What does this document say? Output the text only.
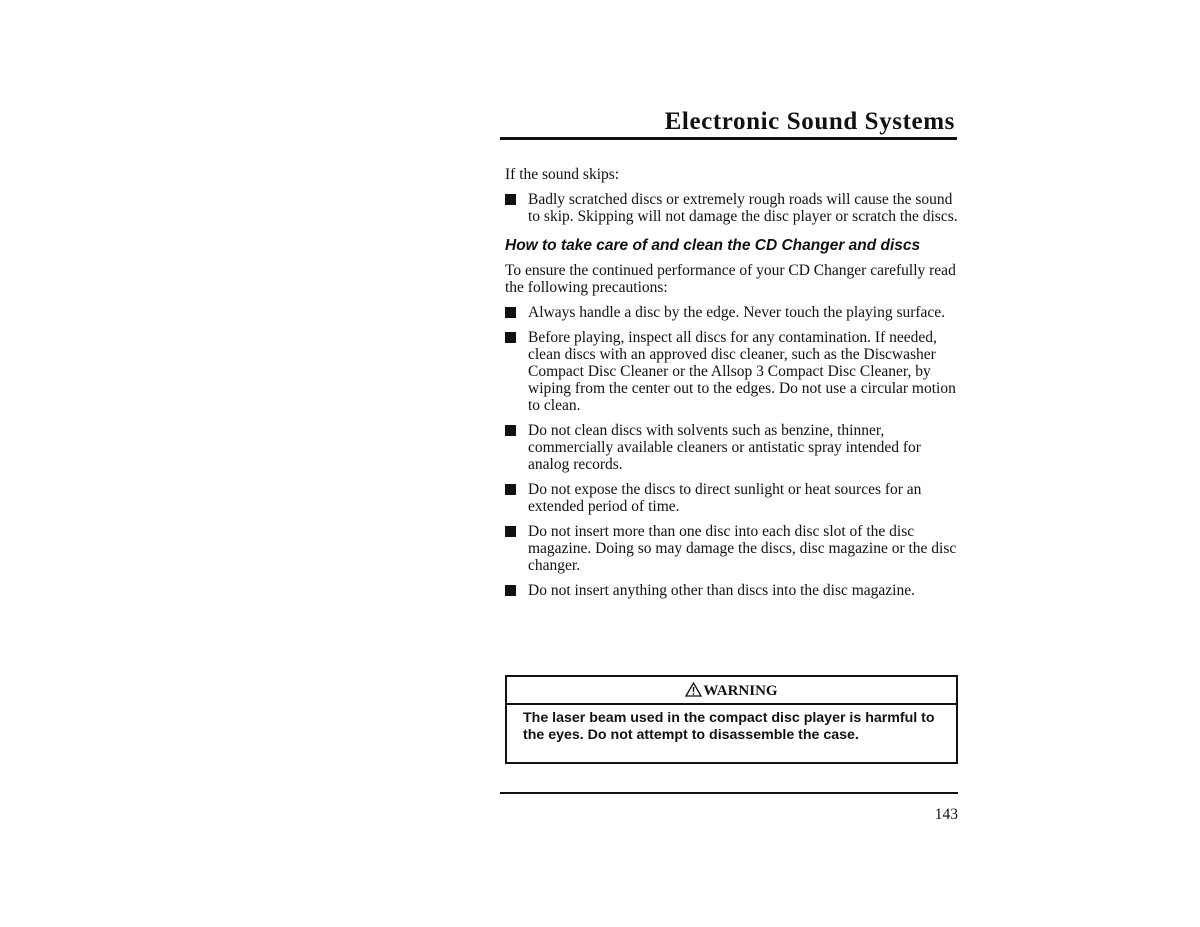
Electronic Sound Systems

If the sound skips:

Badly scratched discs or extremely rough roads will cause the sound to skip. Skipping will not damage the disc player or scratch the discs.
How to take care of and clean the CD Changer and discs

To ensure the continued performance of your CD Changer carefully read the following precautions:

Always handle a disc by the edge. Never touch the playing surface.
Before playing, inspect all discs for any contamination. If needed, clean discs with an approved disc cleaner, such as the Discwasher Compact Disc Cleaner or the Allsop 3 Compact Disc Cleaner, by wiping from the center out to the edges. Do not use a circular motion to clean.
Do not clean discs with solvents such as benzine, thinner, commercially available cleaners or antistatic spray intended for analog records.
Do not expose the discs to direct sunlight or heat sources for an extended period of time.
Do not insert more than one disc into each disc slot of the disc magazine. Doing so may damage the discs, disc magazine or the disc changer.
Do not insert anything other than discs into the disc magazine.
WARNING
The laser beam used in the compact disc player is harmful to the eyes. Do not attempt to disassemble the case.
143
